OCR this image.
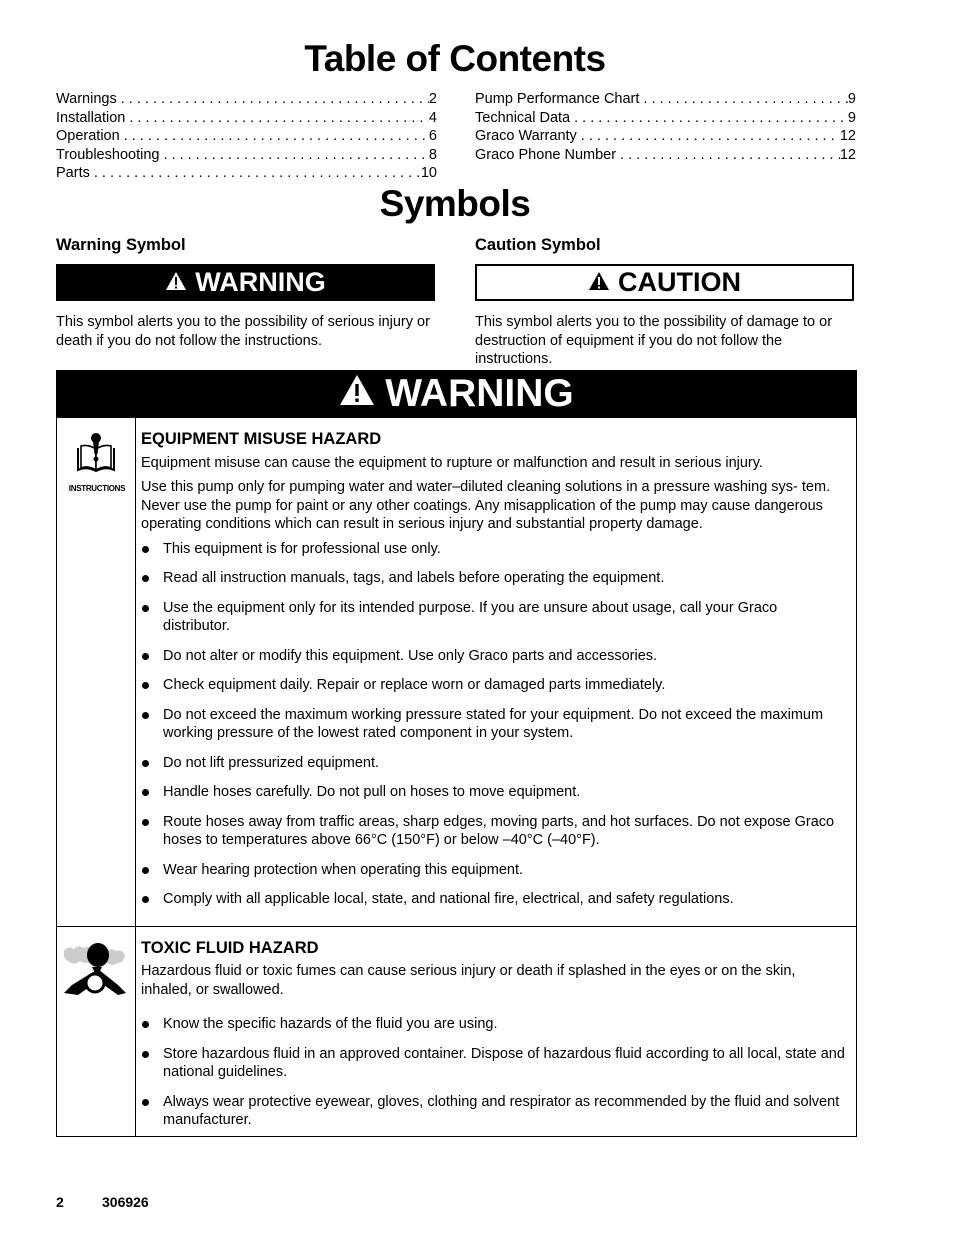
Table of Contents
Warnings . . .	2
Installation . . .	4
Operation . . .	6
Troubleshooting . . .	8
Parts . . .	10
Pump Performance Chart . . .	9
Technical Data . . .	9
Graco Warranty . . .	12
Graco Phone Number . . .	12
Symbols
Warning Symbol
WARNING
This symbol alerts you to the possibility of serious injury or death if you do not follow the instructions.
Caution Symbol
CAUTION
This symbol alerts you to the possibility of damage to or destruction of equipment if you do not follow the instructions.
WARNING
INSTRUCTIONS
EQUIPMENT MISUSE HAZARD
Equipment misuse can cause the equipment to rupture or malfunction and result in serious injury.
Use this pump only for pumping water and water–diluted cleaning solutions in a pressure washing sys- tem. Never use the pump for paint or any other coatings. Any misapplication of the pump may cause dangerous operating conditions which can result in serious injury and substantial property damage.
This equipment is for professional use only.
Read all instruction manuals, tags, and labels before operating the equipment.
Use the equipment only for its intended purpose. If you are unsure about usage, call your Graco distributor.
Do not alter or modify this equipment. Use only Graco parts and accessories.
Check equipment daily. Repair or replace worn or damaged parts immediately.
Do not exceed the maximum working pressure stated for your equipment. Do not exceed the maximum working pressure of the lowest rated component in your system.
Do not lift pressurized equipment.
Handle hoses carefully. Do not pull on hoses to move equipment.
Route hoses away from traffic areas, sharp edges, moving parts, and hot surfaces. Do not expose Graco hoses to temperatures above 66°C (150°F) or below –40°C (–40°F).
Wear hearing protection when operating this equipment.
Comply with all applicable local, state, and national fire, electrical, and safety regulations.
TOXIC FLUID HAZARD
Hazardous fluid or toxic fumes can cause serious injury or death if splashed in the eyes or on the skin, inhaled, or swallowed.
Know the specific hazards of the fluid you are using.
Store hazardous fluid in an approved container. Dispose of hazardous fluid according to all local, state and national guidelines.
Always wear protective eyewear, gloves, clothing and respirator as recommended by the fluid and solvent manufacturer.
2	306926
